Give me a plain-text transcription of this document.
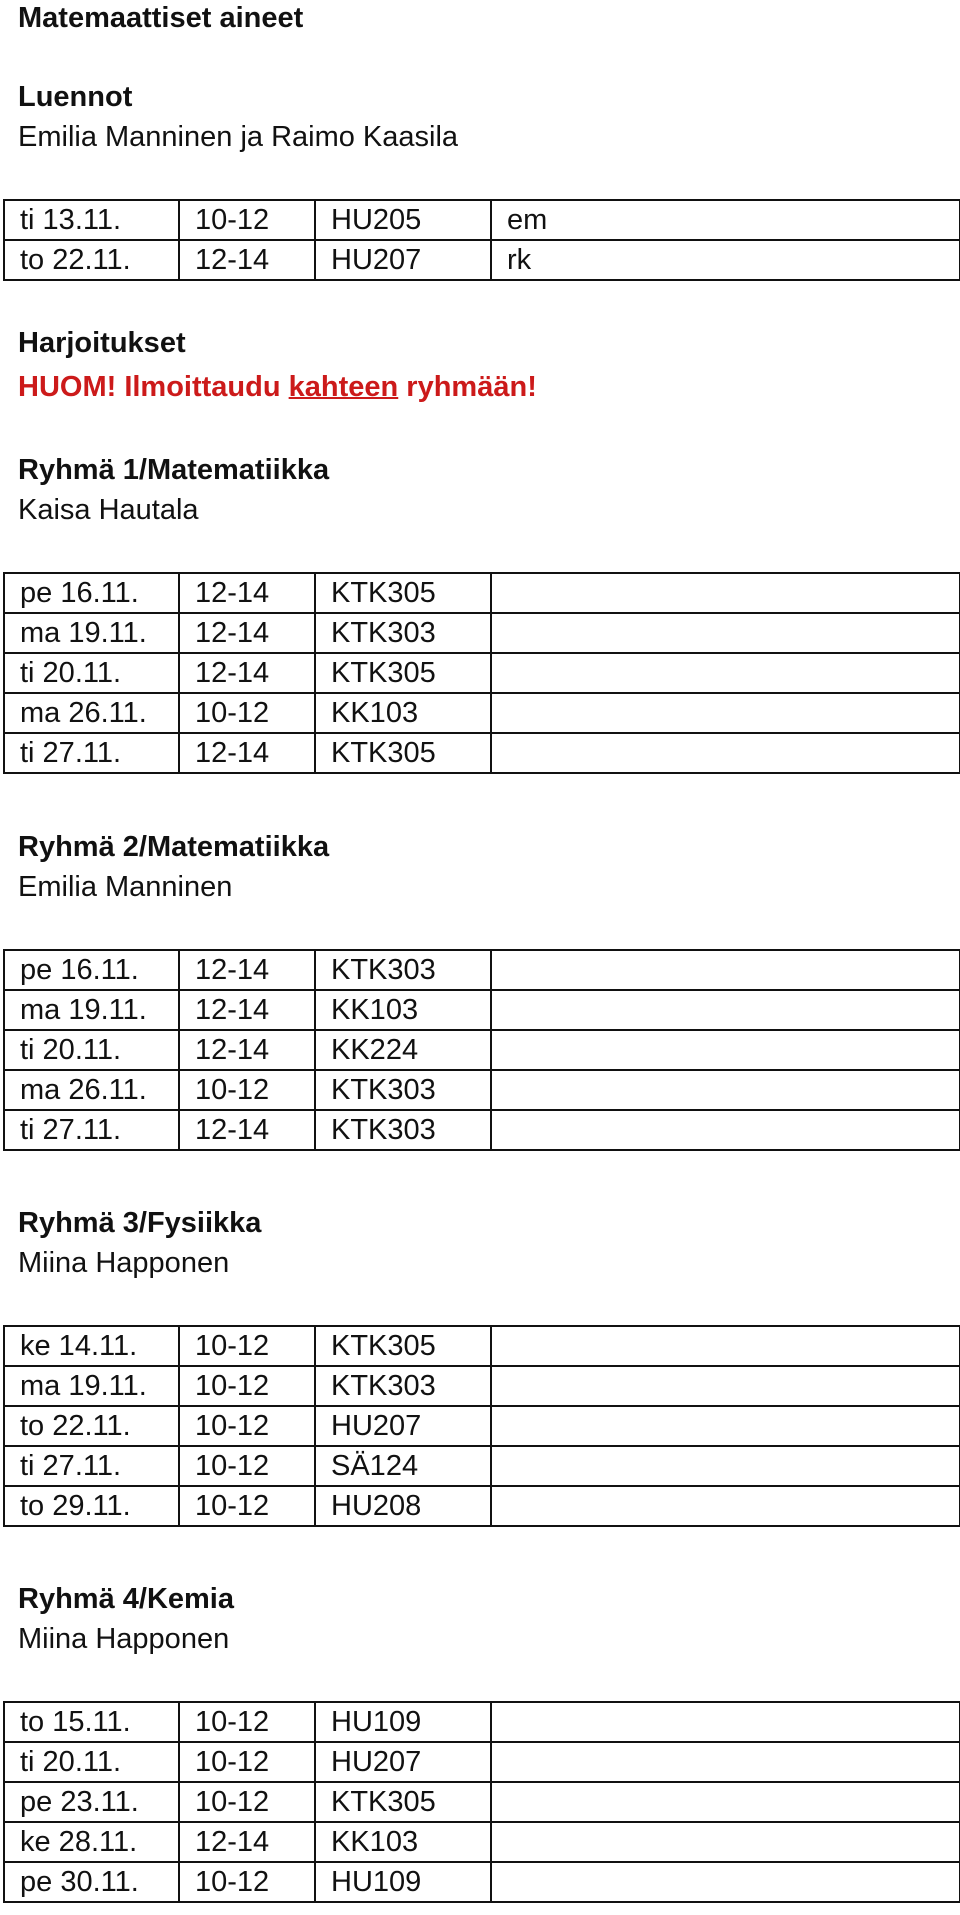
Matemaattiset aineet
Luennot
Emilia Manninen ja Raimo Kaasila
ti 13.11.	10-12	HU205	em
to 22.11.	12-14	HU207	rk
Harjoitukset
HUOM! Ilmoittaudu kahteen ryhmään!
Ryhmä 1/Matematiikka
Kaisa Hautala
pe 16.11.	12-14	KTK305	
ma 19.11.	12-14	KTK303	
ti 20.11.	12-14	KTK305	
ma 26.11.	10-12	KK103	
ti 27.11.	12-14	KTK305	
Ryhmä 2/Matematiikka
Emilia Manninen
pe 16.11.	12-14	KTK303	
ma 19.11.	12-14	KK103	
ti 20.11.	12-14	KK224	
ma 26.11.	10-12	KTK303	
ti 27.11.	12-14	KTK303	
Ryhmä 3/Fysiikka
Miina Happonen
ke 14.11.	10-12	KTK305	
ma 19.11.	10-12	KTK303	
to 22.11.	10-12	HU207	
ti 27.11.	10-12	SÄ124	
to 29.11.	10-12	HU208	
Ryhmä 4/Kemia
Miina Happonen
to 15.11.	10-12	HU109	
ti 20.11.	10-12	HU207	
pe 23.11.	10-12	KTK305	
ke 28.11.	12-14	KK103	
pe 30.11.	10-12	HU109	
